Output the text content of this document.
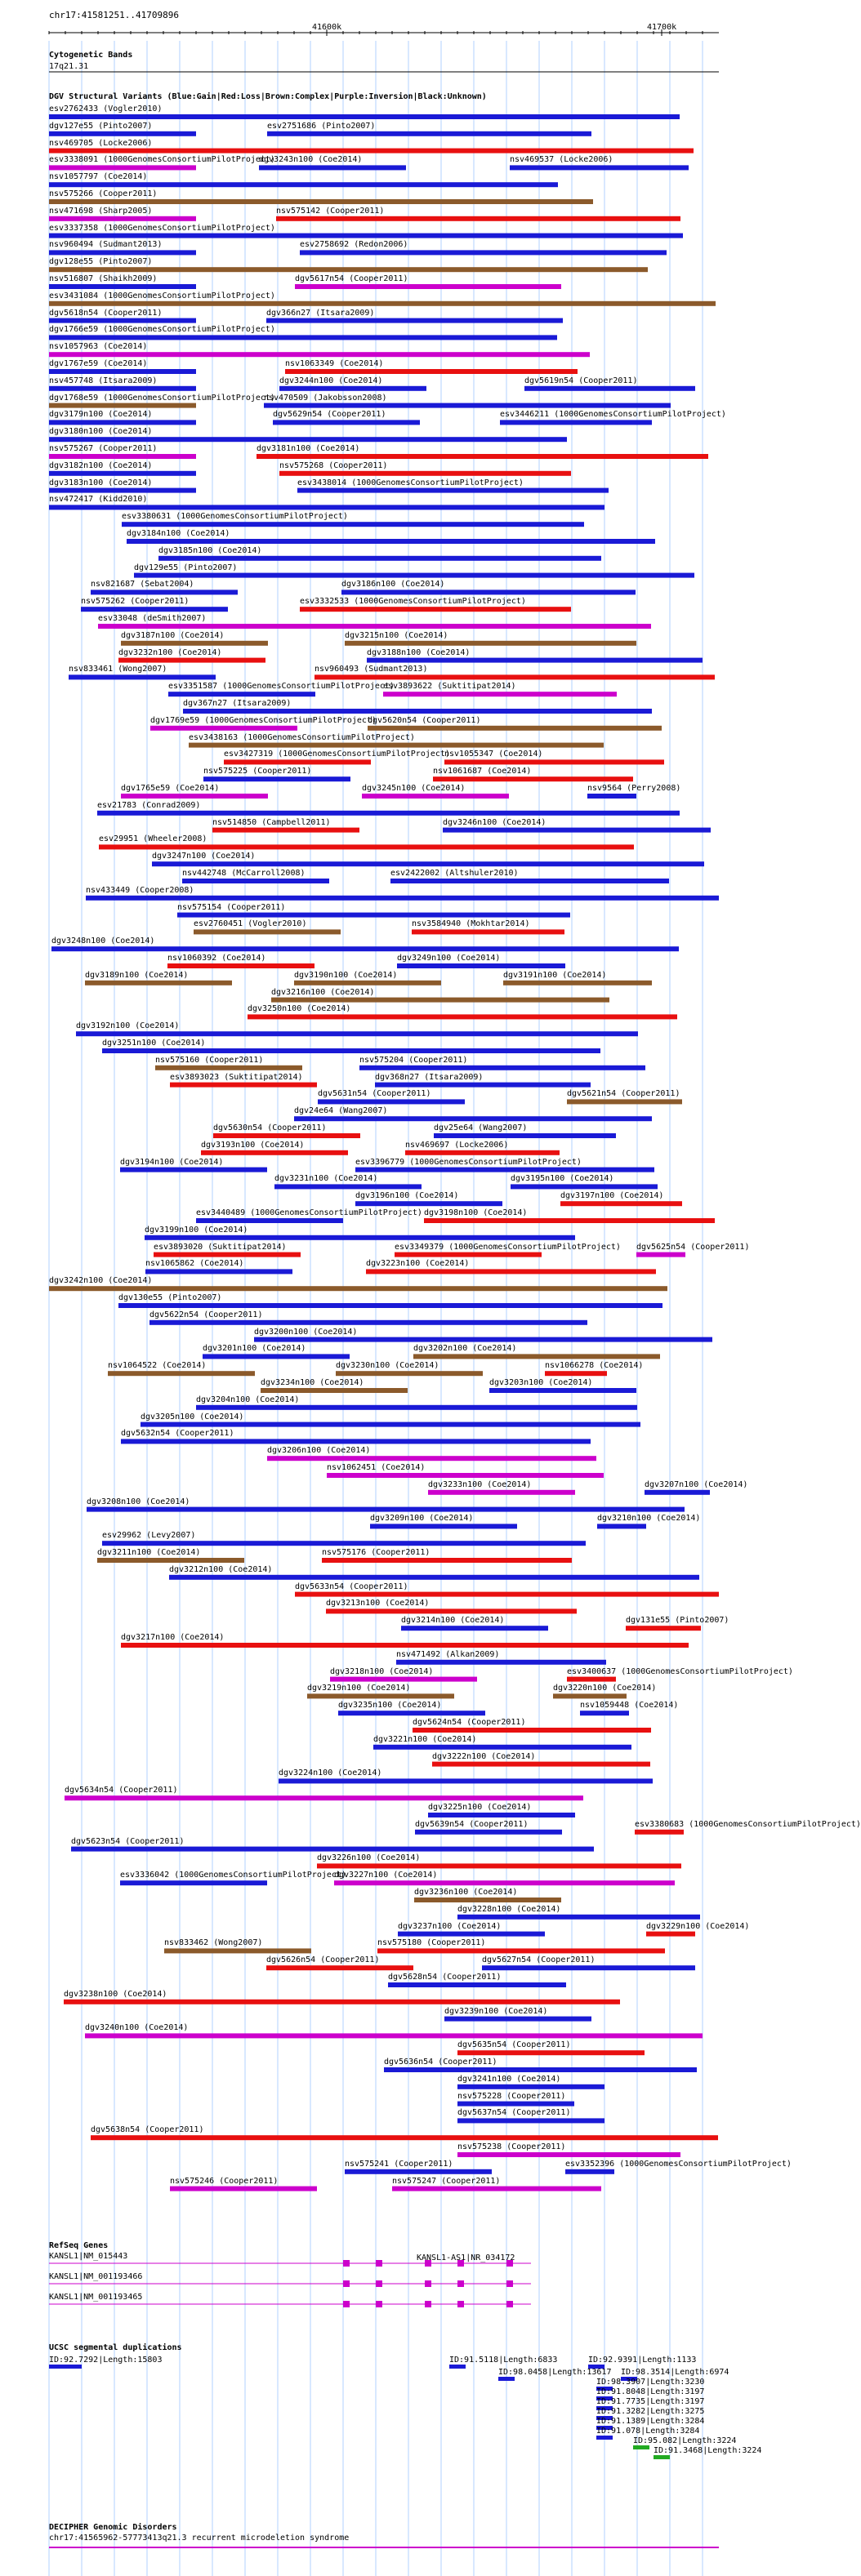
chr17:41581251..41709896
41600k	41700k
Cytogenetic Bands
17q21.31
DGV Structural Variants (Blue:Gain|Red:Loss|Brown:Complex|Purple:Inversion|Black:Unknown)
esv2762433 (Vogler2010)
dgv127e55 (Pinto2007)	esv2751686 (Pinto2007)
nsv469705 (Locke2006)
esv3338091 (1000GenomesConsortiumPilotProject)
dgv3243n100 (Coe2014)	nsv469537 (Locke2006)
nsv1057797 (Coe2014)
nsv575266 (Cooper2011)
nsv471698 (Sharp2005)	nsv575142 (Cooper2011)
esv3337358 (1000GenomesConsortiumPilotProject)
nsv960494 (Sudmant2013)	esv2758692 (Redon2006)
dgv128e55 (Pinto2007)
nsv516807 (Shaikh2009)	dgv5617n54 (Cooper2011)
esv3431084 (1000GenomesConsortiumPilotProject)
dgv5618n54 (Cooper2011)	dgv366n27 (Itsara2009)
dgv1766e59 (1000GenomesConsortiumPilotProject)
nsv1057963 (Coe2014)
dgv1767e59 (Coe2014)	nsv1063349 (Coe2014)
nsv457748 (Itsara2009)	dgv3244n100 (Coe2014)	dgv5619n54 (Cooper2011)
dgv1768e59 (1000GenomesConsortiumPilotProject)
nsv470509 (Jakobsson2008)
dgv3179n100 (Coe2014)	dgv5629n54 (Cooper2011)	esv3446211 (1000GenomesConsortiumPilotProject)
dgv3180n100 (Coe2014)
nsv575267 (Cooper2011)	dgv3181n100 (Coe2014)
dgv3182n100 (Coe2014)	nsv575268 (Cooper2011)
dgv3183n100 (Coe2014)	esv3438014 (1000GenomesConsortiumPilotProject)
nsv472417 (Kidd2010)
esv3380631 (1000GenomesConsortiumPilotProject)
dgv3184n100 (Coe2014)
dgv3185n100 (Coe2014)
dgv129e55 (Pinto2007)
nsv821687 (Sebat2004)	dgv3186n100 (Coe2014)
nsv575262 (Cooper2011)	esv3332533 (1000GenomesConsortiumPilotProject)
esv33048 (deSmith2007)
dgv3187n100 (Coe2014)	dgv3215n100 (Coe2014)
dgv3232n100 (Coe2014)	dgv3188n100 (Coe2014)
nsv833461 (Wong2007)	nsv960493 (Sudmant2013)
esv3351587 (1000GenomesConsortiumPilotProject)
esv3893622 (Suktitipat2014)
dgv367n27 (Itsara2009)
dgv1769e59 (1000GenomesConsortiumPilotProject)
dgv5620n54 (Cooper2011)
esv3438163 (1000GenomesConsortiumPilotProject)
esv3427319 (1000GenomesConsortiumPilotProject)
nsv1055347 (Coe2014)
nsv575225 (Cooper2011)	nsv1061687 (Coe2014)
dgv1765e59 (Coe2014)	dgv3245n100 (Coe2014)	nsv9564 (Perry2008)
esv21783 (Conrad2009)
nsv514850 (Campbell2011)	dgv3246n100 (Coe2014)
esv29951 (Wheeler2008)
dgv3247n100 (Coe2014)
nsv442748 (McCarroll2008)	esv2422002 (Altshuler2010)
nsv433449 (Cooper2008)
nsv575154 (Cooper2011)
esv2760451 (Vogler2010)	nsv3584940 (Mokhtar2014)
dgv3248n100 (Coe2014)
nsv1060392 (Coe2014)	dgv3249n100 (Coe2014)
dgv3189n100 (Coe2014)	dgv3190n100 (Coe2014)	dgv3191n100 (Coe2014)
dgv3216n100 (Coe2014)
dgv3250n100 (Coe2014)
dgv3192n100 (Coe2014)
dgv3251n100 (Coe2014)
nsv575160 (Cooper2011)	nsv575204 (Cooper2011)
esv3893023 (Suktitipat2014)	dgv368n27 (Itsara2009)
dgv5631n54 (Cooper2011)	dgv5621n54 (Cooper2011)
dgv24e64 (Wang2007)
dgv5630n54 (Cooper2011)	dgv25e64 (Wang2007)
dgv3193n100 (Coe2014)	nsv469697 (Locke2006)
dgv3194n100 (Coe2014)	esv3396779 (1000GenomesConsortiumPilotProject)
dgv3231n100 (Coe2014)	dgv3195n100 (Coe2014)
dgv3196n100 (Coe2014)	dgv3197n100 (Coe2014)
esv3440489 (1000GenomesConsortiumPilotProject) dgv3198n100 (Coe2014)
dgv3199n100 (Coe2014)
esv3893020 (Suktitipat2014)	esv3349379 (1000GenomesConsortiumPilotProject) dgv5625n54 (Cooper2011)
nsv1065862 (Coe2014)	dgv3223n100 (Coe2014)
dgv3242n100 (Coe2014)
dgv130e55 (Pinto2007)
dgv5622n54 (Cooper2011)
dgv3200n100 (Coe2014)
dgv3201n100 (Coe2014)	dgv3202n100 (Coe2014)
nsv1064522 (Coe2014)	dgv3230n100 (Coe2014)	nsv1066278 (Coe2014)
dgv3234n100 (Coe2014)	dgv3203n100 (Coe2014)
dgv3204n100 (Coe2014)
dgv3205n100 (Coe2014)
dgv5632n54 (Cooper2011)
dgv3206n100 (Coe2014)
nsv1062451 (Coe2014)
dgv3233n100 (Coe2014)	dgv3207n100 (Coe2014)
dgv3208n100 (Coe2014)
dgv3209n100 (Coe2014)	dgv3210n100 (Coe2014)
esv29962 (Levy2007)
dgv3211n100 (Coe2014)	nsv575176 (Cooper2011)
dgv3212n100 (Coe2014)
dgv5633n54 (Cooper2011)
dgv3213n100 (Coe2014)
dgv3214n100 (Coe2014)	dgv131e55 (Pinto2007)
dgv3217n100 (Coe2014)
nsv471492 (Alkan2009)
dgv3218n100 (Coe2014)	esv3400637 (1000GenomesConsortiumPilotProject)
dgv3219n100 (Coe2014)	dgv3220n100 (Coe2014)
dgv3235n100 (Coe2014)	nsv1059448 (Coe2014)
dgv5624n54 (Cooper2011)
dgv3221n100 (Coe2014)
dgv3222n100 (Coe2014)
dgv3224n100 (Coe2014)
dgv5634n54 (Cooper2011)
dgv3225n100 (Coe2014)
dgv5639n54 (Cooper2011)	esv3380683 (1000GenomesConsortiumPilotProject)
dgv5623n54 (Cooper2011)
dgv3226n100 (Coe2014)
esv3336042 (1000GenomesConsortiumPilotProject)
dgv3227n100 (Coe2014)
dgv3236n100 (Coe2014)
dgv3228n100 (Coe2014)
dgv3237n100 (Coe2014)	dgv3229n100 (Coe2014)
nsv833462 (Wong2007)	nsv575180 (Cooper2011)
dgv5626n54 (Cooper2011)	dgv5627n54 (Cooper2011)
dgv5628n54 (Cooper2011)
dgv3238n100 (Coe2014)
dgv3239n100 (Coe2014)
dgv3240n100 (Coe2014)
dgv5635n54 (Cooper2011)
dgv5636n54 (Cooper2011)
dgv3241n100 (Coe2014)
nsv575228 (Cooper2011)
dgv5637n54 (Cooper2011)
dgv5638n54 (Cooper2011)
nsv575238 (Cooper2011)
nsv575241 (Cooper2011)	esv3352396 (1000GenomesConsortiumPilotProject)
nsv575246 (Cooper2011)	nsv575247 (Cooper2011)
RefSeq Genes
KANSL1|NM_015443
KANSL1|NM_001193466
KANSL1|NM_001193465
KANSL1-AS1|NR_034172
UCSC segmental duplications
ID:92.7292|Length:15803	ID:91.5118|Length:6833	ID:92.9391|Length:1133
ID:98.0458|Length:13617 ID:98.3514|Length:6974
ID:98.3907|Length:3230
ID:91.8048|Length:3197
ID:91.7735|Length:3197
ID:91.3282|Length:3275
ID:91.1389|Length:3284
ID:91.078|Length:3284
ID:95.082|Length:3224
ID:91.3468|Length:3224
DECIPHER Genomic Disorders
chr17:41565962-57773413q21.3 recurrent microdeletion syndrome
